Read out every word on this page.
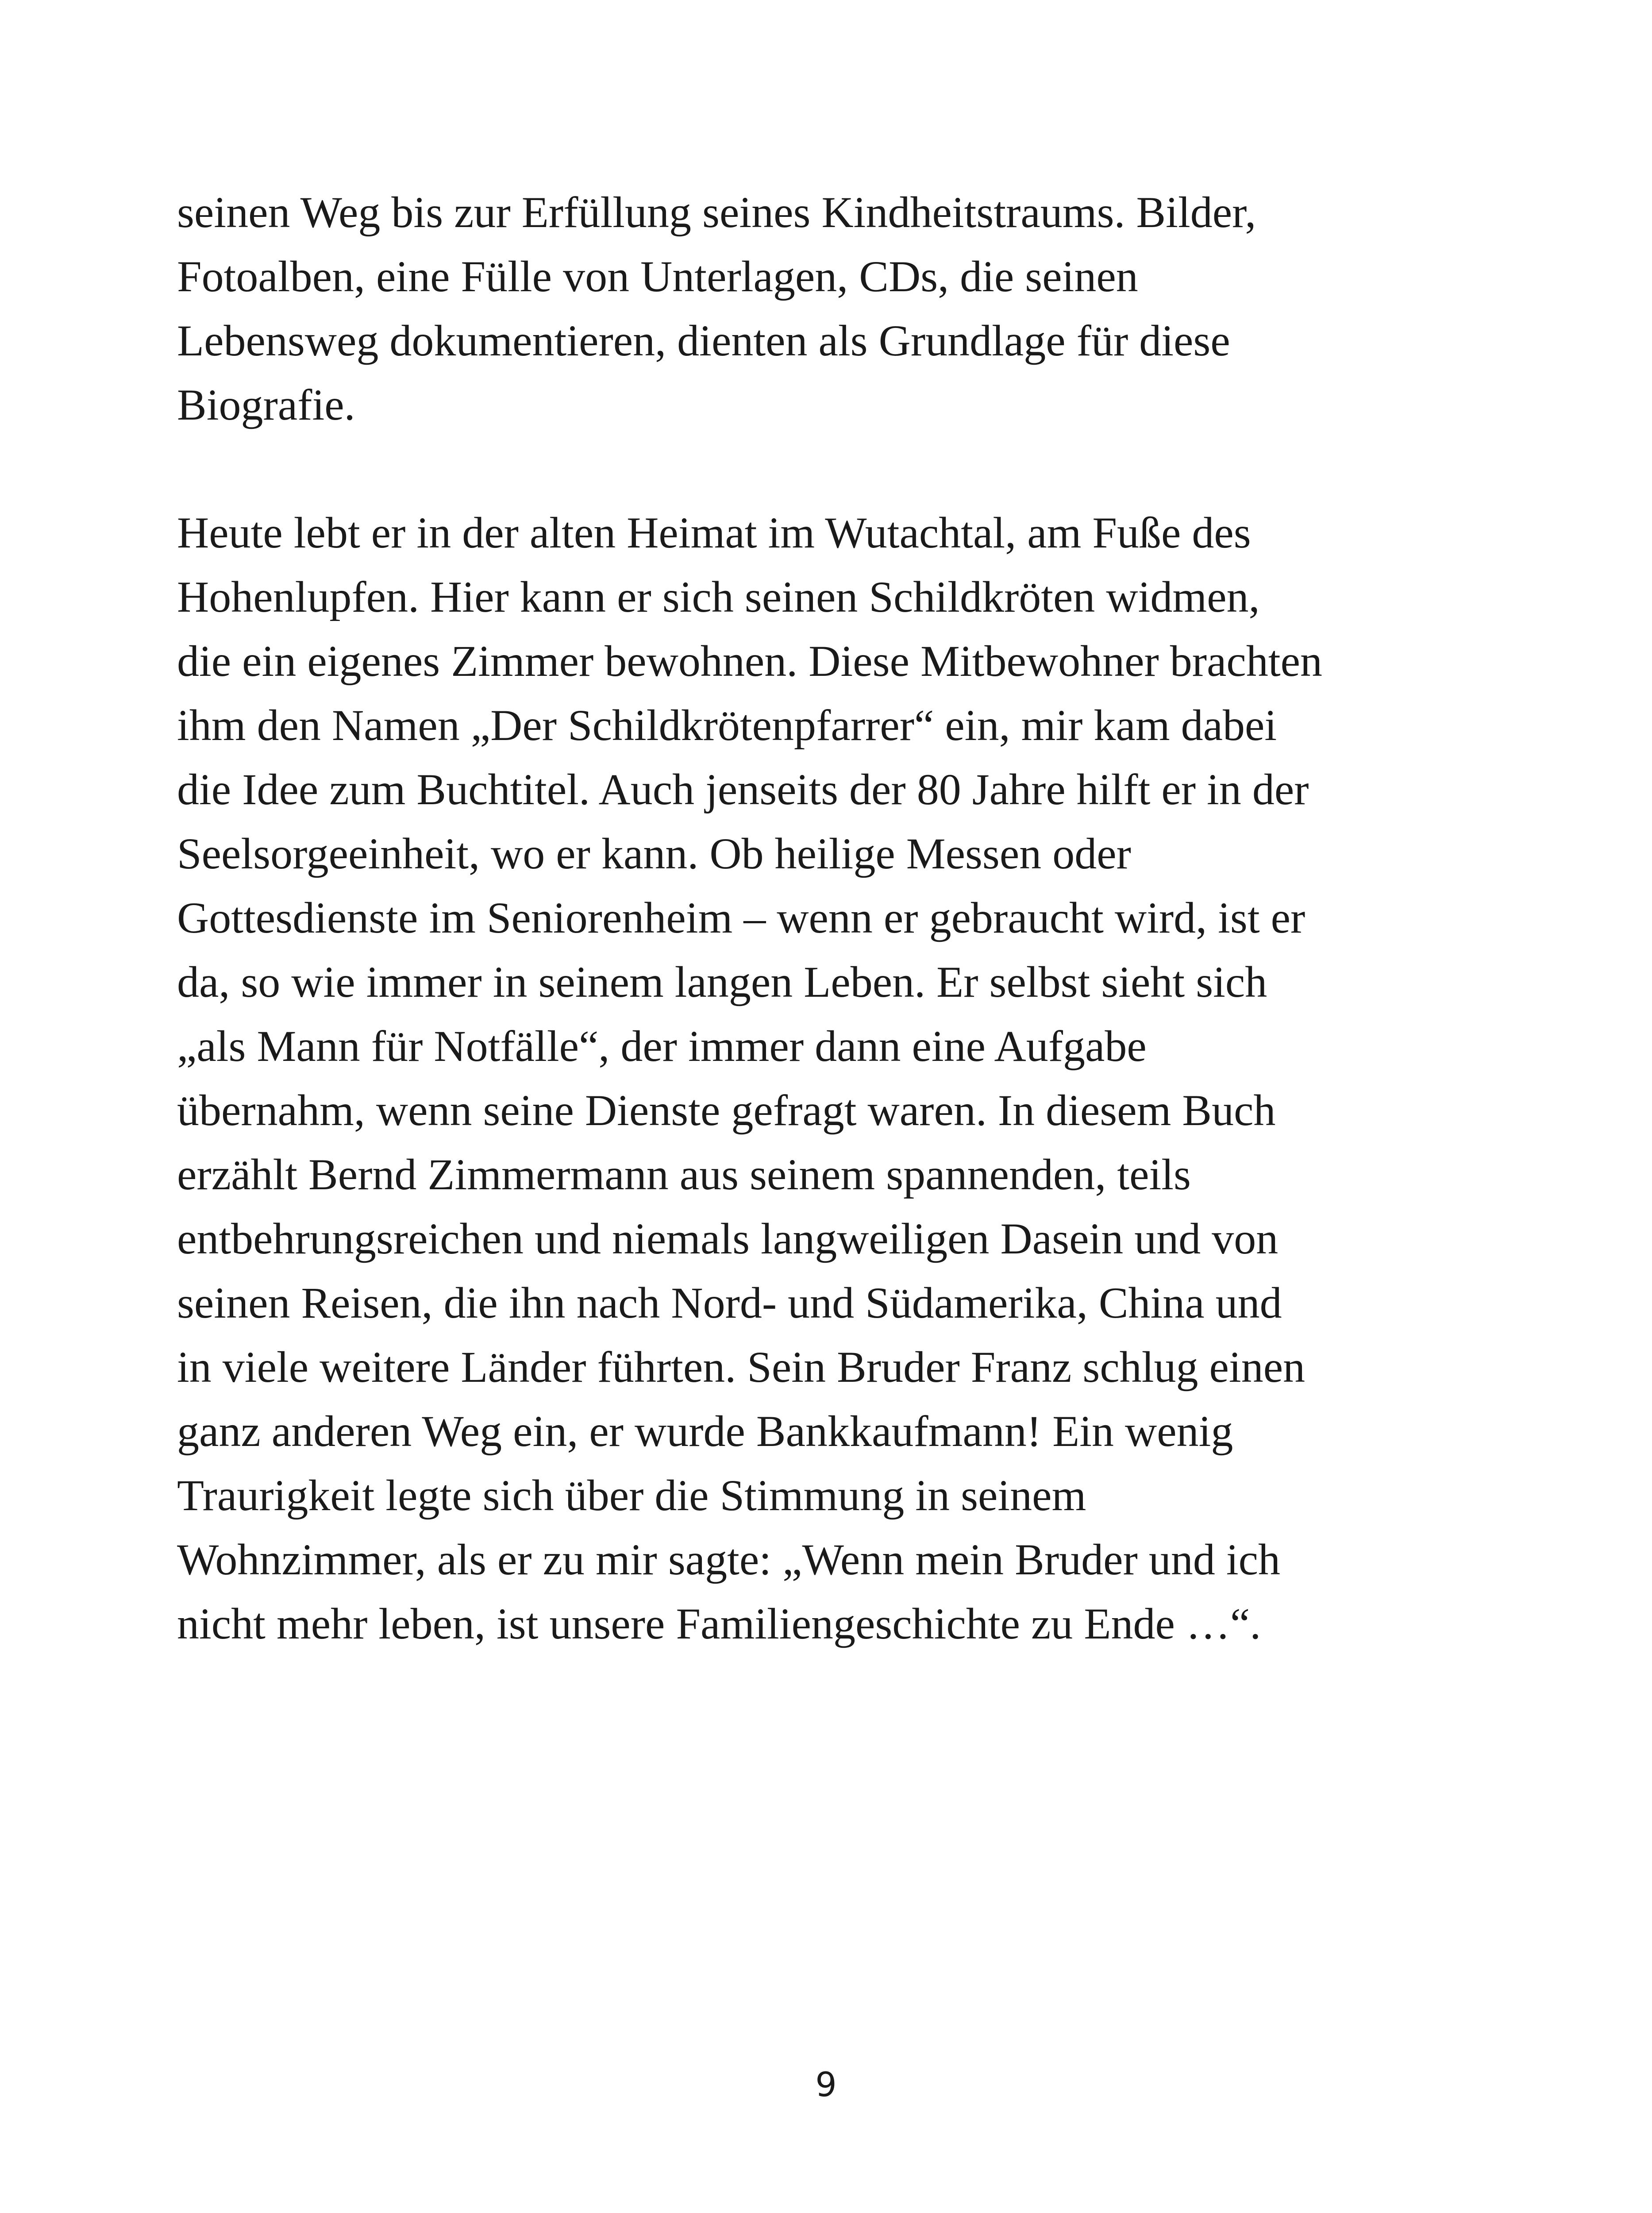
seinen Weg bis zur Erfüllung seines Kindheitstraums. Bilder,
Fotoalben, eine Fülle von Unterlagen, CDs, die seinen
Lebensweg dokumentieren, dienten als Grundlage für diese
Biografie.
Heute lebt er in der alten Heimat im Wutachtal, am Fuße des
Hohenlupfen. Hier kann er sich seinen Schildkröten widmen,
die ein eigenes Zimmer bewohnen. Diese Mitbewohner brachten
ihm den Namen „Der Schildkrötenpfarrer“ ein, mir kam dabei
die Idee zum Buchtitel. Auch jenseits der 80 Jahre hilft er in der
Seelsorgeeinheit, wo er kann. Ob heilige Messen oder
Gottesdienste im Seniorenheim – wenn er gebraucht wird, ist er
da, so wie immer in seinem langen Leben. Er selbst sieht sich
„als Mann für Notfälle“, der immer dann eine Aufgabe
übernahm, wenn seine Dienste gefragt waren. In diesem Buch
erzählt Bernd Zimmermann aus seinem spannenden, teils
entbehrungsreichen und niemals langweiligen Dasein und von
seinen Reisen, die ihn nach Nord- und Südamerika, China und
in viele weitere Länder führten. Sein Bruder Franz schlug einen
ganz anderen Weg ein, er wurde Bankkaufmann! Ein wenig
Traurigkeit legte sich über die Stimmung in seinem
Wohnzimmer, als er zu mir sagte: „Wenn mein Bruder und ich
nicht mehr leben, ist unsere Familiengeschichte zu Ende …“.
9
